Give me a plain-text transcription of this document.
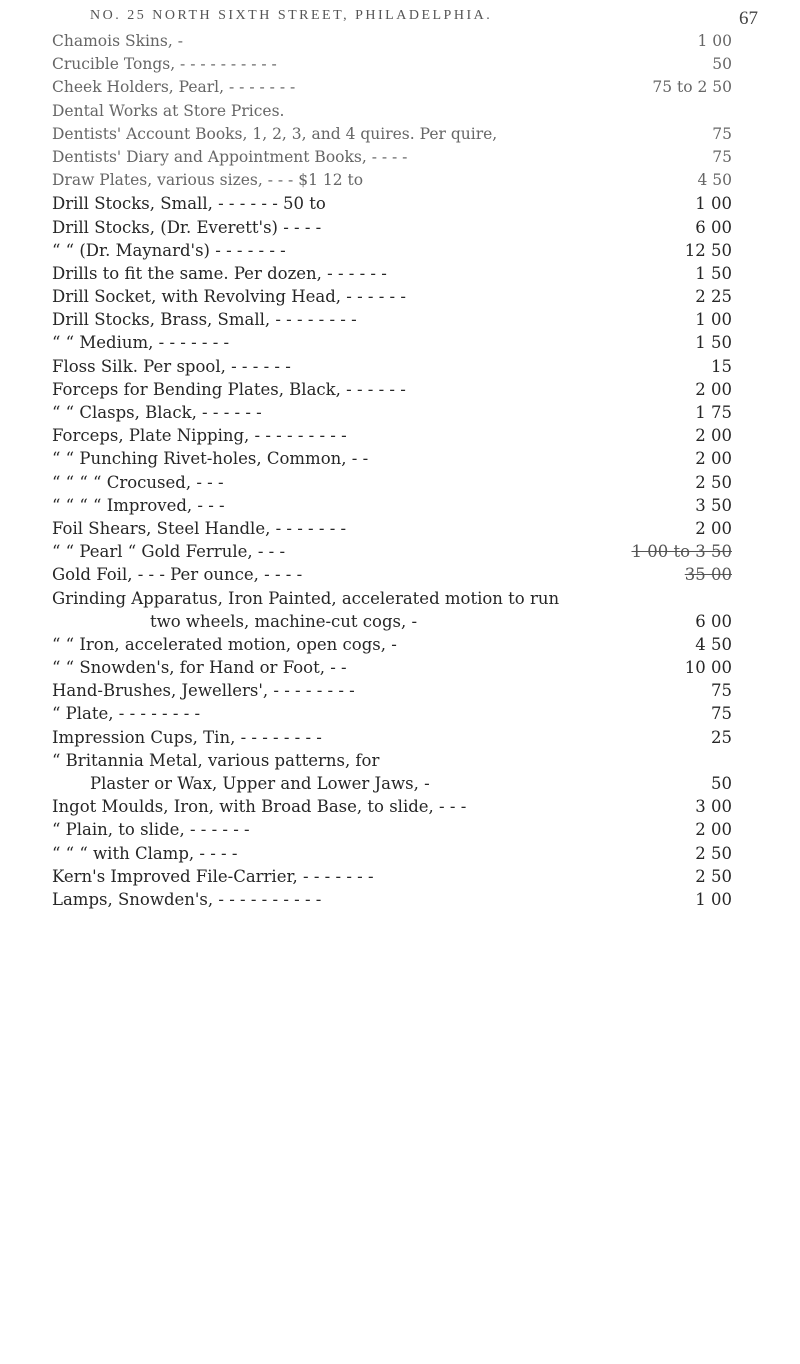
NO. 25 NORTH SIXTH STREET, PHILADELPHIA.	67
Chamois Skins, -	1 00
Crucible Tongs, - - - - - - - - - -	50
Cheek Holders, Pearl, - - - - - - -	75 to 2 50
Dental Works at Store Prices.
Dentists' Account Books, 1, 2, 3, and 4 quires. Per quire,	75
Dentists' Diary and Appointment Books, - - - -	75
Draw Plates, various sizes, - - - $1 12 to	4 50
Drill Stocks, Small, - - - - - - 50 to	1 00
Drill Stocks, (Dr. Everett's) - - - -	6 00
“ “ (Dr. Maynard's) - - - - - - -	12 50
Drills to fit the same. Per dozen, - - - - - -	1 50
Drill Socket, with Revolving Head, - - - - - -	2 25
Drill Stocks, Brass, Small, - - - - - - - -	1 00
“ “ Medium, - - - - - - -	1 50
Floss Silk. Per spool, - - - - - -	15
Forceps for Bending Plates, Black, - - - - - -	2 00
“ “ Clasps, Black, - - - - - -	1 75
Forceps, Plate Nipping, - - - - - - - - -	2 00
“ “ Punching Rivet-holes, Common, - -	2 00
“ “ “ “ Crocused, - - -	2 50
“ “ “ “ Improved, - - -	3 50
Foil Shears, Steel Handle, - - - - - - -	2 00
“ “ Pearl “ Gold Ferrule, - - -	1 00 to 3 50
Gold Foil, - - - Per ounce, - - - -	35 00
Grinding Apparatus, Iron Painted, accelerated motion to run
two wheels, machine-cut cogs, -	6 00
“ “ Iron, accelerated motion, open cogs, -	4 50
“ “ Snowden's, for Hand or Foot, - -	10 00
Hand-Brushes, Jewellers', - - - - - - - -	75
“ Plate, - - - - - - - -	75
Impression Cups, Tin, - - - - - - - -	25
“ Britannia Metal, various patterns, for
Plaster or Wax, Upper and Lower Jaws, -	50
Ingot Moulds, Iron, with Broad Base, to slide, - - -	3 00
“ Plain, to slide, - - - - - -	2 00
“ “ “ with Clamp, - - - -	2 50
Kern's Improved File-Carrier, - - - - - - -	2 50
Lamps, Snowden's, - - - - - - - - - -	1 00
